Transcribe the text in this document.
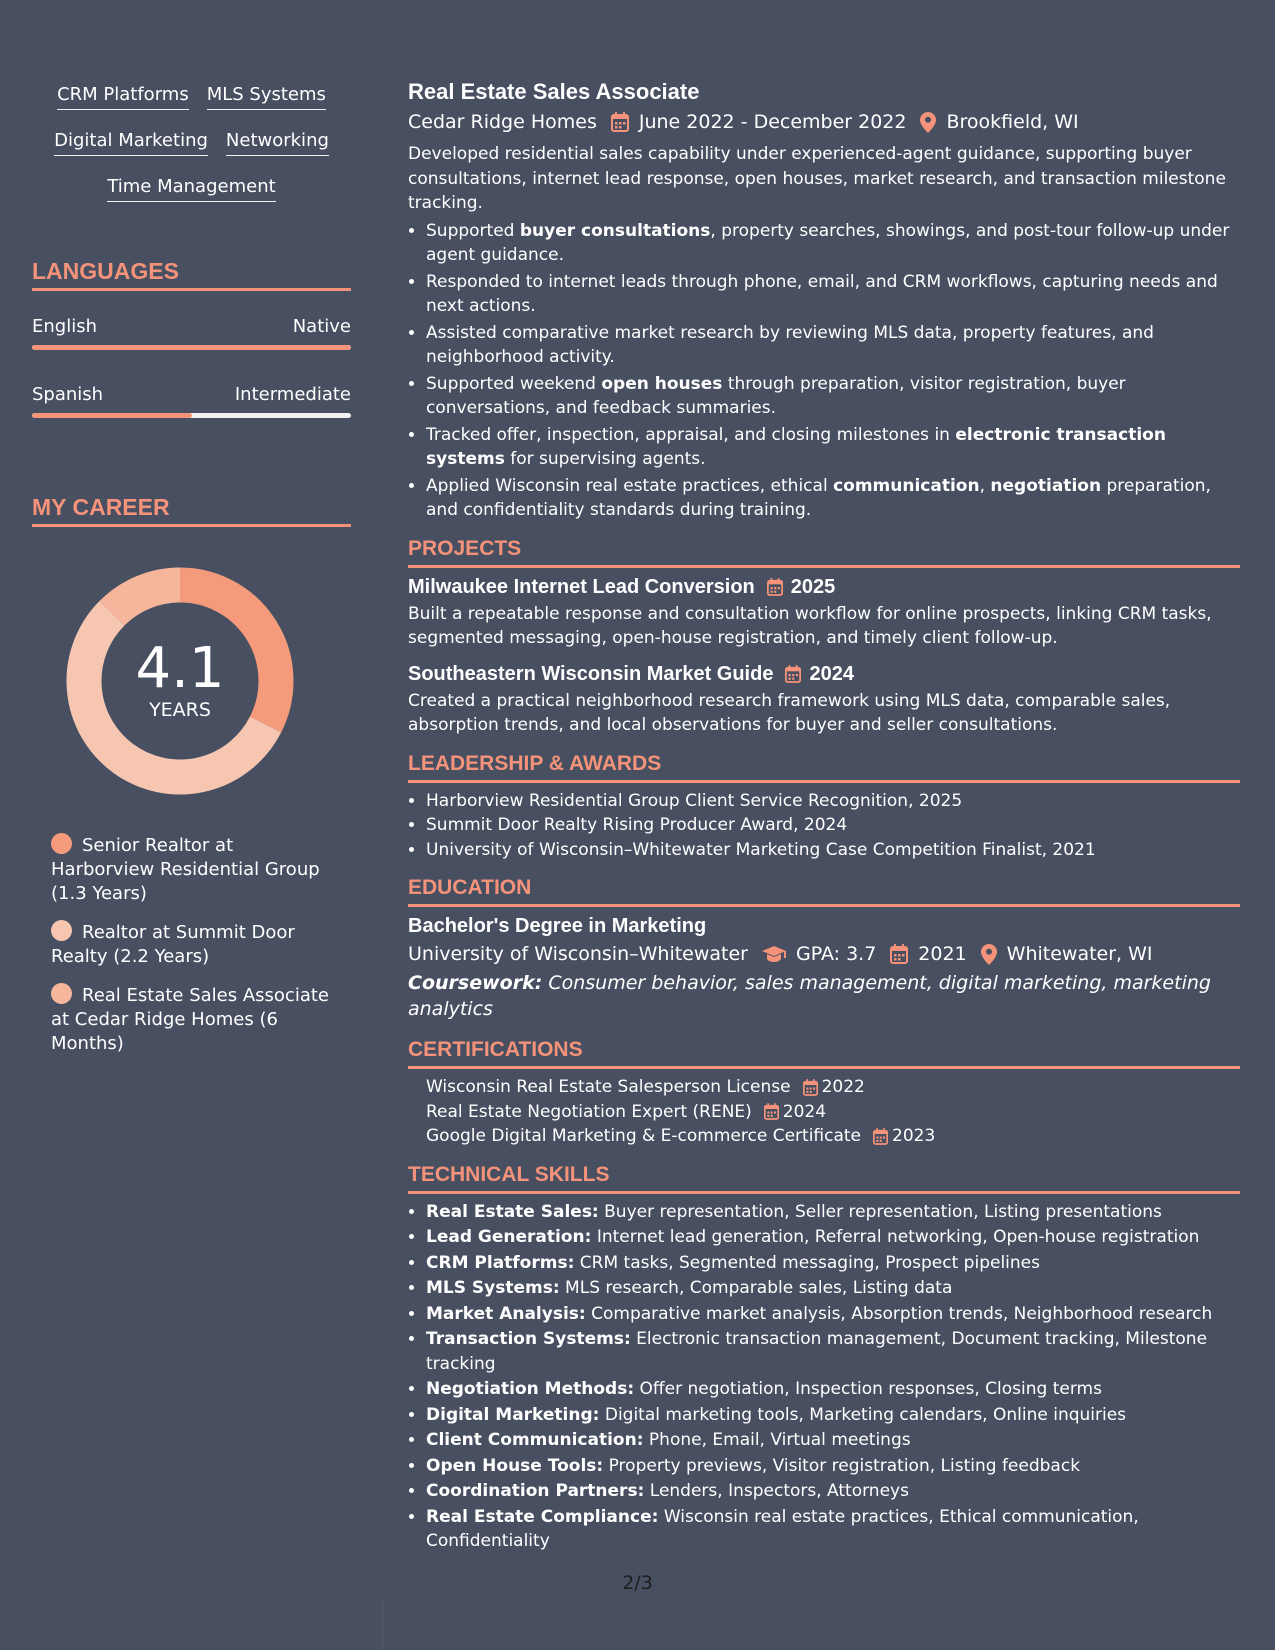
CRM Platforms MLS Systems
Digital Marketing Networking
Time Management
LANGUAGES
English	Native
Spanish	Intermediate
MY CAREER
4.1
YEARS
Senior Realtor at Harborview Residential Group (1.3 Years)
Realtor at Summit Door Realty (2.2 Years)
Real Estate Sales Associate at Cedar Ridge Homes (6 Months)
Real Estate Sales Associate
Cedar Ridge Homes June 2022 - December 2022 Brookfield, WI
Developed residential sales capability under experienced-agent guidance, supporting buyer consultations, internet lead response, open houses, market research, and transaction milestone tracking.
• Supported buyer consultations, property searches, showings, and post-tour follow-up under agent guidance.
• Responded to internet leads through phone, email, and CRM workflows, capturing needs and next actions.
• Assisted comparative market research by reviewing MLS data, property features, and neighborhood activity.
• Supported weekend open houses through preparation, visitor registration, buyer conversations, and feedback summaries.
• Tracked offer, inspection, appraisal, and closing milestones in electronic transaction systems for supervising agents.
• Applied Wisconsin real estate practices, ethical communication, negotiation preparation, and confidentiality standards during training.
PROJECTS
Milwaukee Internet Lead Conversion 2025
Built a repeatable response and consultation workflow for online prospects, linking CRM tasks, segmented messaging, open-house registration, and timely client follow-up.
Southeastern Wisconsin Market Guide 2024
Created a practical neighborhood research framework using MLS data, comparable sales, absorption trends, and local observations for buyer and seller consultations.
LEADERSHIP & AWARDS
• Harborview Residential Group Client Service Recognition, 2025
• Summit Door Realty Rising Producer Award, 2024
• University of Wisconsin–Whitewater Marketing Case Competition Finalist, 2021
EDUCATION
Bachelor's Degree in Marketing
University of Wisconsin–Whitewater	GPA: 3.7 2021 Whitewater, WI
Coursework: Consumer behavior, sales management, digital marketing, marketing analytics
CERTIFICATIONS
Wisconsin Real Estate Salesperson License 2022
Real Estate Negotiation Expert (RENE) 2024
Google Digital Marketing & E-commerce Certificate 2023
TECHNICAL SKILLS
• Real Estate Sales: Buyer representation, Seller representation, Listing presentations
• Lead Generation: Internet lead generation, Referral networking, Open-house registration
• CRM Platforms: CRM tasks, Segmented messaging, Prospect pipelines
• MLS Systems: MLS research, Comparable sales, Listing data
• Market Analysis: Comparative market analysis, Absorption trends, Neighborhood research
• Transaction Systems: Electronic transaction management, Document tracking, Milestone tracking
• Negotiation Methods: Offer negotiation, Inspection responses, Closing terms
• Digital Marketing: Digital marketing tools, Marketing calendars, Online inquiries
• Client Communication: Phone, Email, Virtual meetings
• Open House Tools: Property previews, Visitor registration, Listing feedback
• Coordination Partners: Lenders, Inspectors, Attorneys
• Real Estate Compliance: Wisconsin real estate practices, Ethical communication, Confidentiality
2/3
